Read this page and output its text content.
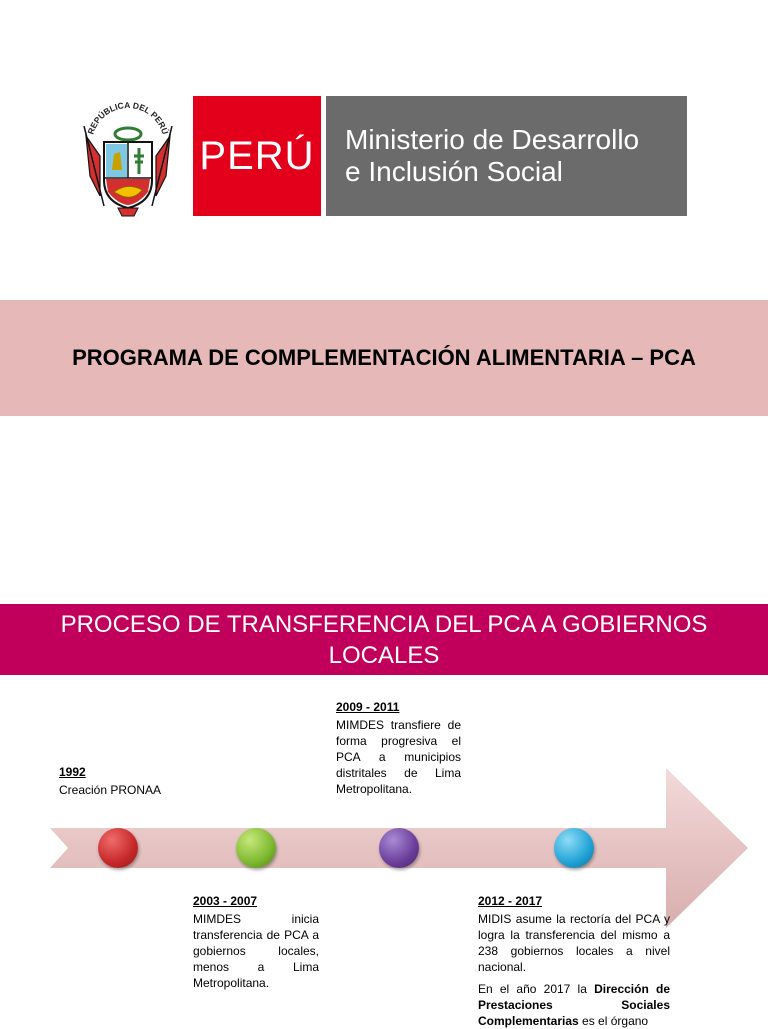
REPÚBLICA DEL PERÚ
PERÚ Ministerio de Desarrollo
e Inclusión Social
PROGRAMA DE COMPLEMENTACIÓN ALIMENTARIA – PCA
PROCESO DE TRANSFERENCIA DEL PCA A GOBIERNOS
LOCALES
1992

Creación PRONAA

2003 - 2007

MIMDES inicia transferencia de PCA a gobiernos locales, menos a Lima Metropolitana.

2009 - 2011

MIMDES transfiere de forma progresiva el PCA a municipios distritales de Lima Metropolitana.

2012 - 2017

MIDIS asume la rectoría del PCA y logra la transferencia del mismo a 238 gobiernos locales a nivel nacional.

En el año 2017 la Dirección de Prestaciones Sociales Complementarias es el órgano
